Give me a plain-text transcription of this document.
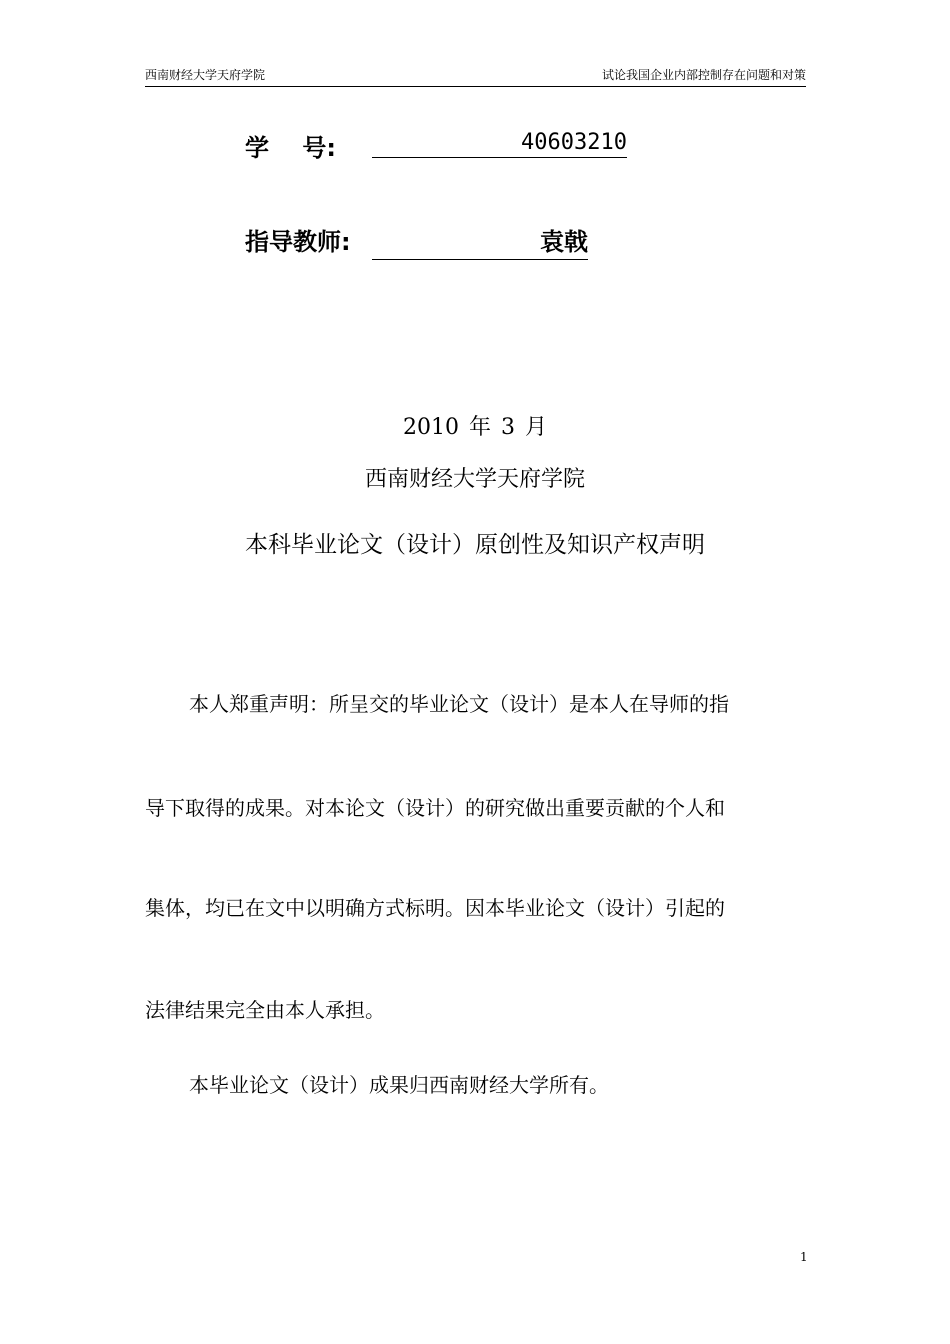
西南财经大学天府学院	试论我国企业内部控制存在问题和对策
学    号:	40603210
指导教师:	袁戟
2010 年 3 月
西南财经大学天府学院
本科毕业论文（设计）原创性及知识产权声明
本人郑重声明：所呈交的毕业论文（设计）是本人在导师的指
导下取得的成果。对本论文（设计）的研究做出重要贡献的个人和
集体，均已在文中以明确方式标明。因本毕业论文（设计）引起的
法律结果完全由本人承担。
本毕业论文（设计）成果归西南财经大学所有。
1
